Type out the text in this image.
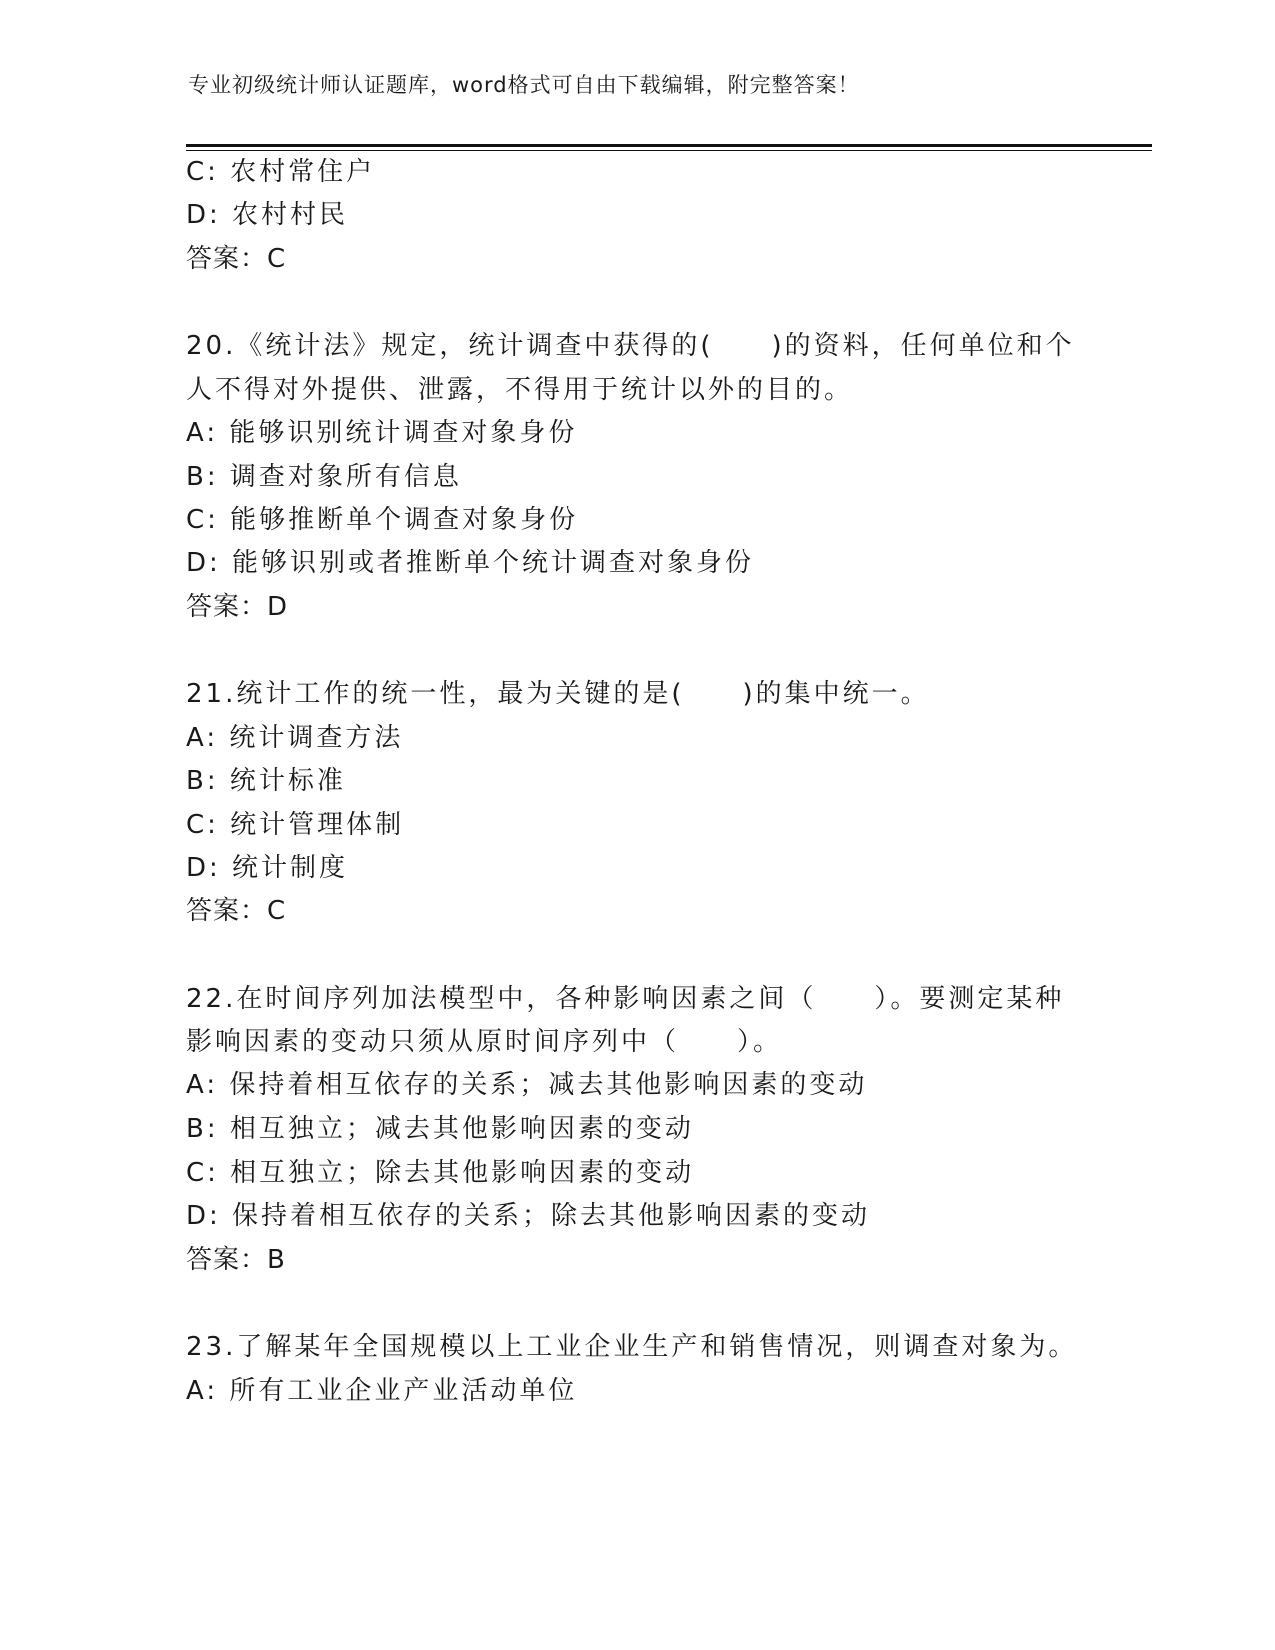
专业初级统计师认证题库，word格式可自由下载编辑，附完整答案！
C: 农村常住户
D: 农村村民
答案：C
20.《统计法》规定，统计调查中获得的(　　)的资料，任何单位和个
人不得对外提供、泄露，不得用于统计以外的目的。
A: 能够识别统计调查对象身份
B: 调查对象所有信息
C: 能够推断单个调查对象身份
D: 能够识别或者推断单个统计调查对象身份
答案：D
21.统计工作的统一性，最为关键的是(　　)的集中统一。
A: 统计调查方法
B: 统计标准
C: 统计管理体制
D: 统计制度
答案：C
22.在时间序列加法模型中，各种影响因素之间（　　）。要测定某种
影响因素的变动只须从原时间序列中（　　）。
A: 保持着相互依存的关系；减去其他影响因素的变动
B: 相互独立；减去其他影响因素的变动
C: 相互独立；除去其他影响因素的变动
D: 保持着相互依存的关系；除去其他影响因素的变动
答案：B
23.了解某年全国规模以上工业企业生产和销售情况，则调查对象为。
A: 所有工业企业产业活动单位
